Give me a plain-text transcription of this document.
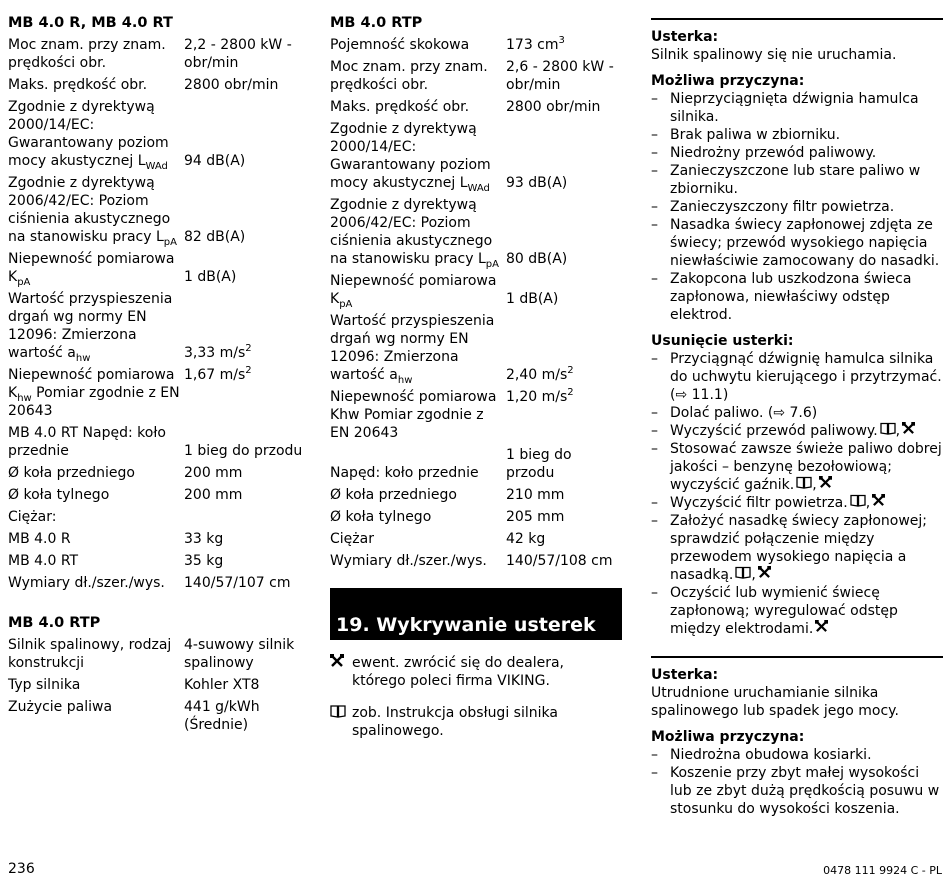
MB 4.0 R, MB 4.0 RT
Moc znam. przy znam. prędkości obr.	2,2 - 2800 kW - obr/min
Maks. prędkość obr.	2800 obr/min
Zgodnie z dyrektywą 2000/14/EC: Gwarantowany poziom mocy akustycznej $L_{WAd}$	94 dB(A)
Zgodnie z dyrektywą 2006/42/EC: Poziom ciśnienia akustycznego na stanowisku pracy $L_{pA}$	82 dB(A)
Niepewność pomiarowa $K_{pA}$	1 dB(A)
Wartość przyspieszenia drgań wg normy EN 12096: Zmierzona wartość $a_{hw}$	3,33 $m/s^2$
Niepewność pomiarowa $K_{hw}$ Pomiar zgodnie z EN 20643	1,67 $m/s^2$
MB 4.0 RT Napęd: koło przednie	1 bieg do przodu
Ø koła przedniego	200 mm
Ø koła tylnego	200 mm
Ciężar:	
MB 4.0 R	33 kg
MB 4.0 RT	35 kg
Wymiary dł./szer./wys.	140/57/107 cm
MB 4.0 RTP
Silnik spalinowy, rodzaj konstrukcji	4-suwowy silnik spalinowy
Typ silnika	Kohler XT8
Zużycie paliwa	441 g/kWh (Średnie)
MB 4.0 RTP
Pojemność skokowa	173 $cm^3$
Moc znam. przy znam. prędkości obr.	2,6 - 2800 kW - obr/min
Maks. prędkość obr.	2800 obr/min
Zgodnie z dyrektywą 2000/14/EC: Gwarantowany poziom mocy akustycznej $L_{WAd}$	93 dB(A)
Zgodnie z dyrektywą 2006/42/EC: Poziom ciśnienia akustycznego na stanowisku pracy $L_{pA}$	80 dB(A)
Niepewność pomiarowa $K_{pA}$	1 dB(A)
Wartość przyspieszenia drgań wg normy EN 12096: Zmierzona wartość $a_{hw}$	2,40 $m/s^2$
Niepewność pomiarowa Khw Pomiar zgodnie z EN 20643	1,20 $m/s^2$
Napęd: koło przednie	1 bieg do przodu
Ø koła przedniego	210 mm
Ø koła tylnego	205 mm
Ciężar	42 kg
Wymiary dł./szer./wys.	140/57/108 cm
19. Wykrywanie usterek
ewent. zwrócić się do dealera, którego poleci firma VIKING.
zob. Instrukcja obsługi silnika spalinowego.
Usterka:
Silnik spalinowy się nie uruchamia.
Możliwa przyczyna:
– Nieprzyciągnięta dźwignia hamulca silnika.
– Brak paliwa w zbiorniku.
– Niedrożny przewód paliwowy.
– Zanieczyszczone lub stare paliwo w zbiorniku.
– Zanieczyszczony filtr powietrza.
– Nasadka świecy zapłonowej zdjęta ze świecy; przewód wysokiego napięcia niewłaściwie zamocowany do nasadki.
– Zakopcona lub uszkodzona świeca zapłonowa, niewłaściwy odstęp elektrod.
Usunięcie usterki:
– Przyciągnąć dźwignię hamulca silnika do uchwytu kierującego i przytrzymać. (⇨ 11.1)
– Dolać paliwo. (⇨ 7.6)
– Wyczyścić przewód paliwowy. ,
– Stosować zawsze świeże paliwo dobrej jakości – benzynę bezołowiową; wyczyścić gaźnik. ,
– Wyczyścić filtr powietrza. ,
– Założyć nasadkę świecy zapłonowej; sprawdzić połączenie między przewodem wysokiego napięcia a nasadką. ,
– Oczyścić lub wymienić świecę zapłonową; wyregulować odstęp między elektrodami.
Usterka:
Utrudnione uruchamianie silnika spalinowego lub spadek jego mocy.
Możliwa przyczyna:
– Niedrożna obudowa kosiarki.
– Koszenie przy zbyt małej wysokości lub ze zbyt dużą prędkością posuwu w stosunku do wysokości koszenia.
236	0478 111 9924 C - PL
